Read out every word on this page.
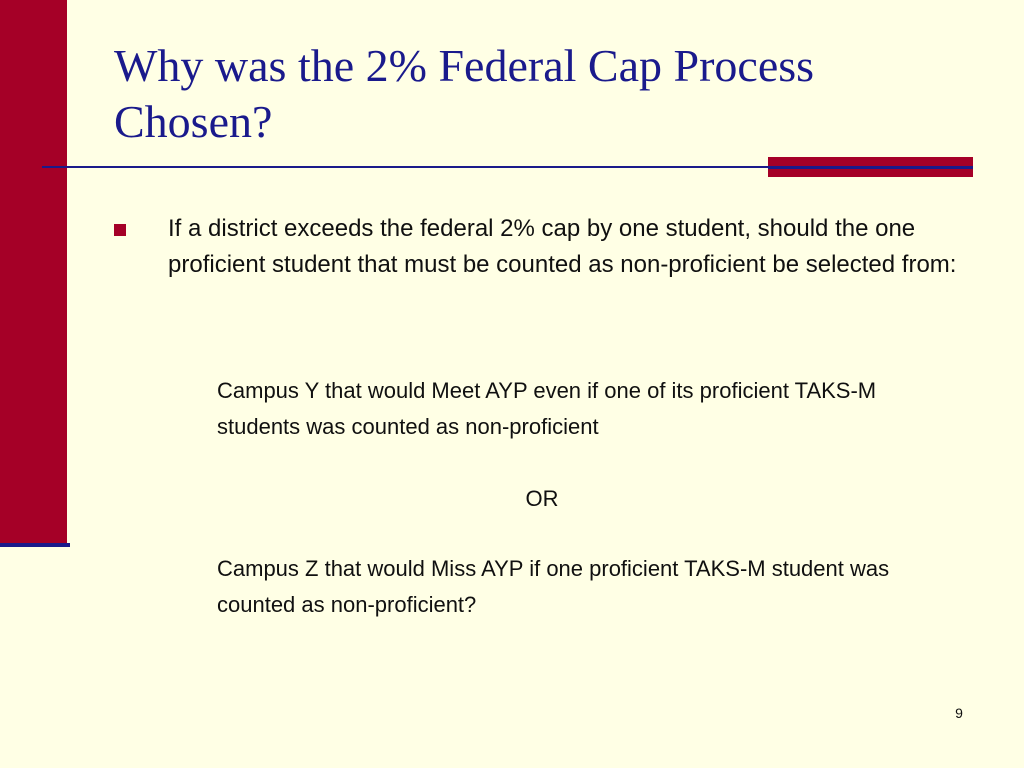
Why was the 2% Federal Cap Process Chosen?

If a district exceeds the federal 2% cap by one student, should the one proficient student that must be counted as non-proficient be selected from:

Campus Y that would Meet AYP even if one of its proficient TAKS-M students was counted as non-proficient

OR

Campus Z that would Miss AYP if one proficient TAKS-M student was counted as non-proficient?

9
